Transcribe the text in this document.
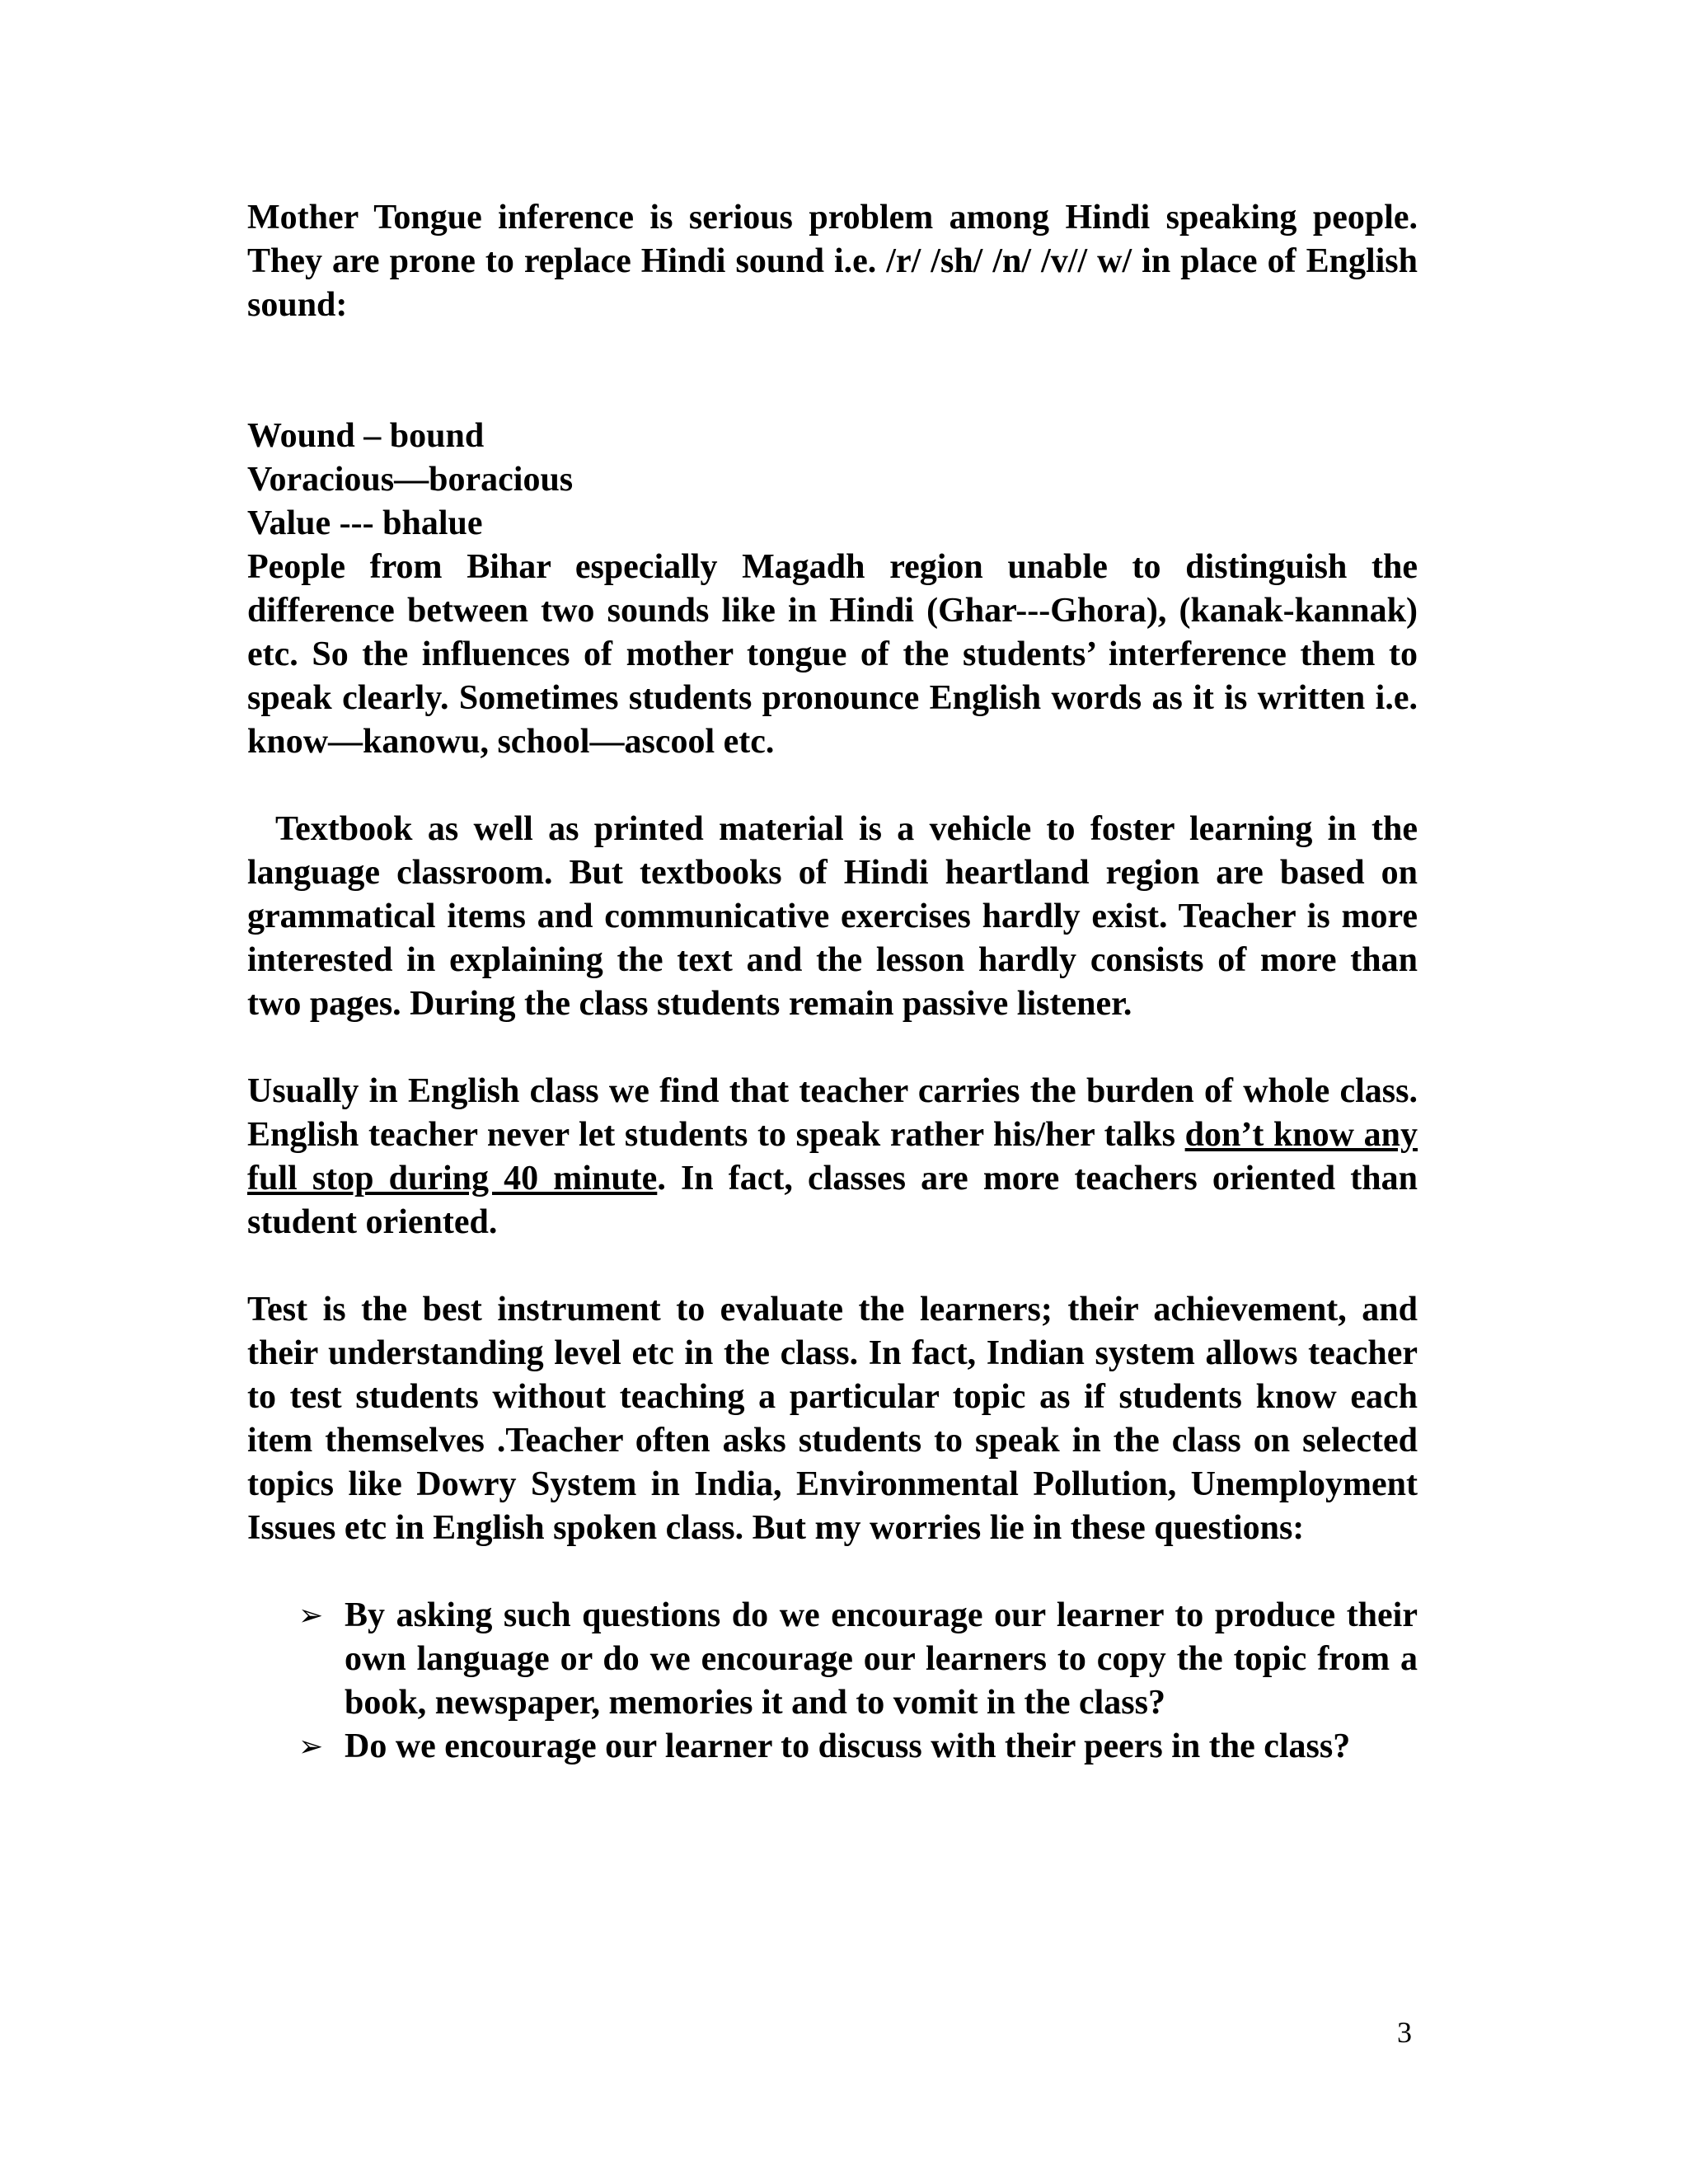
Mother Tongue inference is serious problem among Hindi speaking people. They are prone to replace Hindi sound i.e. /r/ /sh/ /n/ /v// w/ in place of English sound:

Wound – bound

Voracious—boracious

Value --- bhalue

People from Bihar especially Magadh region unable to distinguish the difference between two sounds like in Hindi (Ghar---Ghora), (kanak-kannak) etc. So the influences of mother tongue of the students’ interference them to speak clearly. Sometimes students pronounce English words as it is written i.e. know—kanowu, school—ascool etc.

Textbook as well as printed material is a vehicle to foster learning in the language classroom. But textbooks of Hindi heartland region are based on grammatical items and communicative exercises hardly exist. Teacher is more interested in explaining the text and the lesson hardly consists of more than two pages. During the class students remain passive listener.

Usually in English class we find that teacher carries the burden of whole class. English teacher never let students to speak rather his/her talks don’t know any full stop during 40 minute. In fact, classes are more teachers oriented than student oriented.

Test is the best instrument to evaluate the learners; their achievement, and their understanding level etc in the class. In fact, Indian system allows teacher to test students without teaching a particular topic as if students know each item themselves .Teacher often asks students to speak in the class on selected topics like Dowry System in India, Environmental Pollution, Unemployment Issues etc in English spoken class. But my worries lie in these questions:

➢ By asking such questions do we encourage our learner to produce their own language or do we encourage our learners to copy the topic from a book, newspaper, memories it and to vomit in the class?
➢ Do we encourage our learner to discuss with their peers in the class?
3
